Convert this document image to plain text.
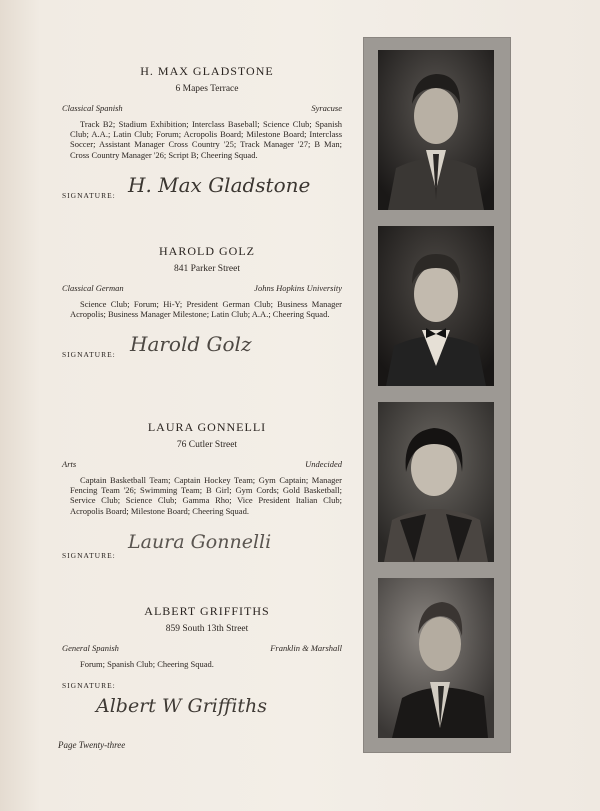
H. MAX GLADSTONE

6 Mapes Terrace
Classical Spanish	Syracuse
Track B2; Stadium Exhibition; Interclass Baseball; Science Club; Spanish Club; A.A.; Latin Club; Forum; Acropolis Board; Milestone Board; Interclass Soccer; Assistant Manager Cross Country '25; Track Manager '27; B Man; Cross Country Manager '26; Script B; Cheering Squad.
SIGNATURE: H. Max Gladstone

HAROLD GOLZ

841 Parker Street
Classical German	Johns Hopkins University
Science Club; Forum; Hi-Y; President German Club; Business Manager Acropolis; Business Manager Milestone; Latin Club; A.A.; Cheering Squad.
SIGNATURE: Harold Golz

LAURA GONNELLI

76 Cutler Street
Arts	Undecided
Captain Basketball Team; Captain Hockey Team; Gym Captain; Manager Fencing Team '26; Swimming Team; B Girl; Gym Cords; Gold Basketball; Service Club; Science Club; Gamma Rho; Vice President Italian Club; Acropolis Board; Milestone Board; Cheering Squad.
SIGNATURE:
Laura Gonnelli

ALBERT GRIFFITHS

859 South 13th Street
General Spanish	Franklin & Marshall
Forum; Spanish Club; Cheering Squad.
SIGNATURE:
Albert W Griffiths
Page Twenty-three
